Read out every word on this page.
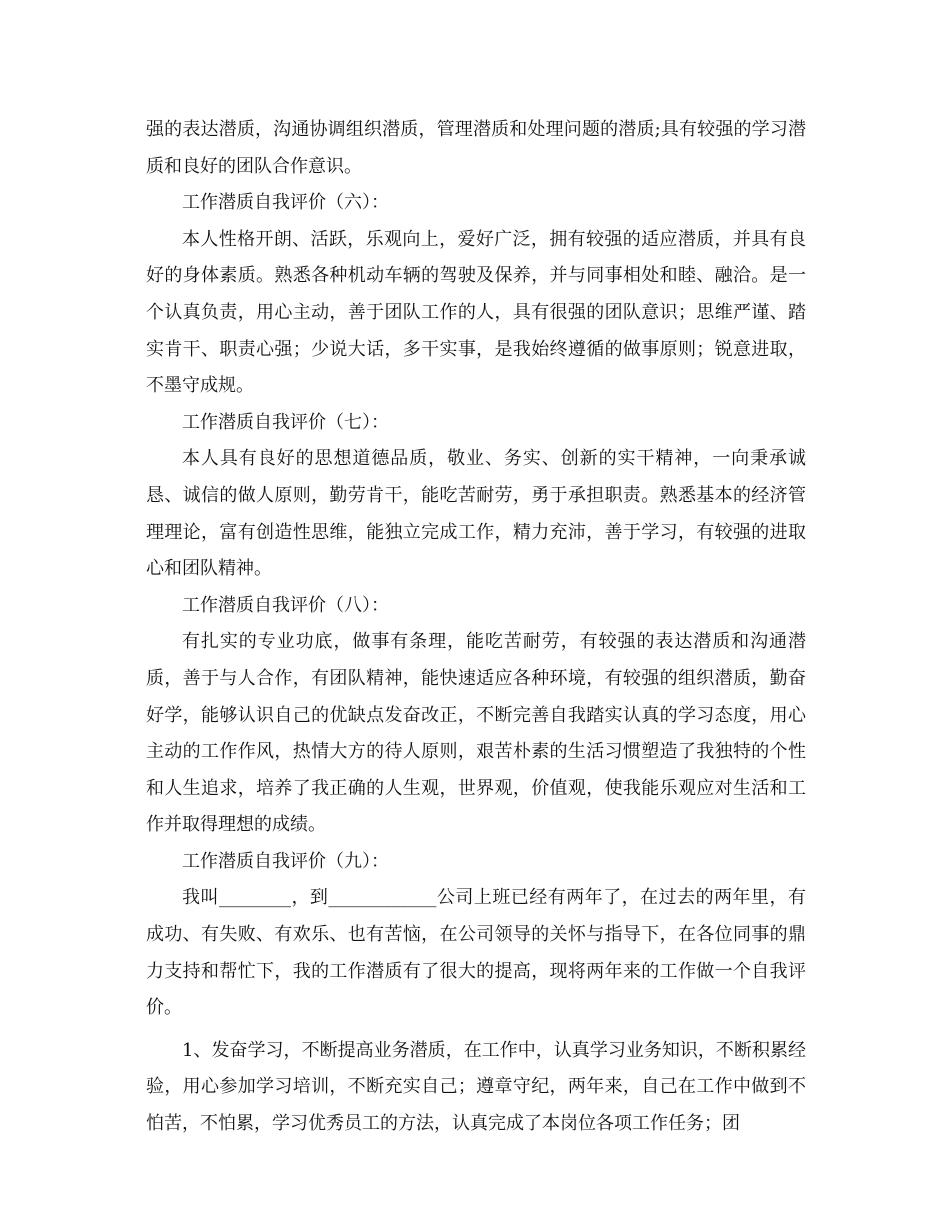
强的表达潜质，沟通协调组织潜质，管理潜质和处理问题的潜质;具有较强的学习潜质和良好的团队合作意识。

工作潜质自我评价（六）：

本人性格开朗、活跃，乐观向上，爱好广泛，拥有较强的适应潜质，并具有良好的身体素质。熟悉各种机动车辆的驾驶及保养，并与同事相处和睦、融洽。是一个认真负责，用心主动，善于团队工作的人，具有很强的团队意识；思维严谨、踏实肯干、职责心强；少说大话，多干实事，是我始终遵循的做事原则；锐意进取，不墨守成规。

工作潜质自我评价（七）：

本人具有良好的思想道德品质，敬业、务实、创新的实干精神，一向秉承诚恳、诚信的做人原则，勤劳肯干，能吃苦耐劳，勇于承担职责。熟悉基本的经济管理理论，富有创造性思维，能独立完成工作，精力充沛，善于学习，有较强的进取心和团队精神。

工作潜质自我评价（八）：

有扎实的专业功底，做事有条理，能吃苦耐劳，有较强的表达潜质和沟通潜质，善于与人合作，有团队精神，能快速适应各种环境，有较强的组织潜质，勤奋好学，能够认识自己的优缺点发奋改正，不断完善自我踏实认真的学习态度，用心主动的工作作风，热情大方的待人原则，艰苦朴素的生活习惯塑造了我独特的个性和人生追求，培养了我正确的人生观，世界观，价值观，使我能乐观应对生活和工作并取得理想的成绩。

工作潜质自我评价（九）：

我叫________，到____________公司上班已经有两年了，在过去的两年里，有成功、有失败、有欢乐、也有苦恼，在公司领导的关怀与指导下，在各位同事的鼎力支持和帮忙下，我的工作潜质有了很大的提高，现将两年来的工作做一个自我评价。

1、发奋学习，不断提高业务潜质，在工作中，认真学习业务知识，不断积累经验，用心参加学习培训，不断充实自己；遵章守纪，两年来，自己在工作中做到不怕苦，不怕累，学习优秀员工的方法，认真完成了本岗位各项工作任务；团
